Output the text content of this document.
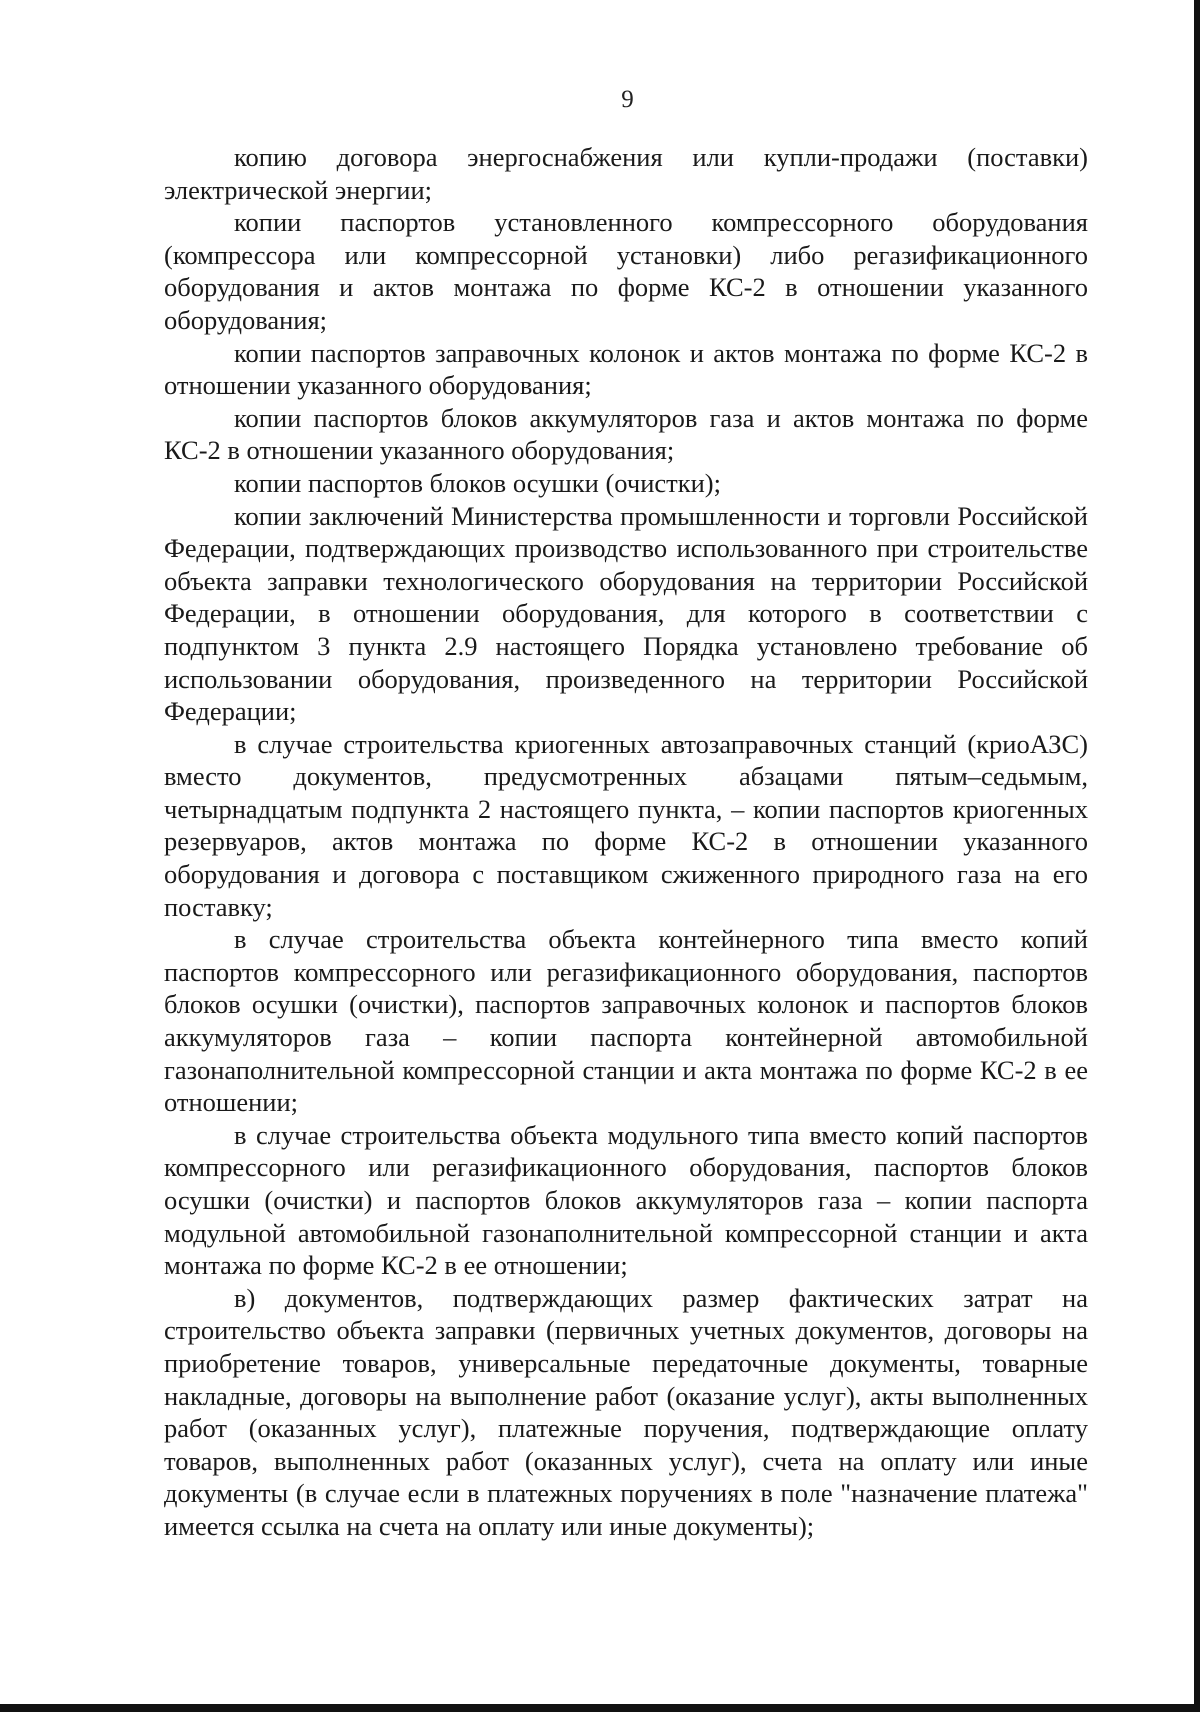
9

копию договора энергоснабжения или купли-продажи (поставки) электрической энергии;

копии паспортов установленного компрессорного оборудования (компрессора или компрессорной установки) либо регазификационного оборудования и актов монтажа по форме КС-2 в отношении указанного оборудования;

копии паспортов заправочных колонок и актов монтажа по форме КС-2 в отношении указанного оборудования;

копии паспортов блоков аккумуляторов газа и актов монтажа по форме КС-2 в отношении указанного оборудования;

копии паспортов блоков осушки (очистки);

копии заключений Министерства промышленности и торговли Российской Федерации, подтверждающих производство использованного при строительстве объекта заправки технологического оборудования на территории Российской Федерации, в отношении оборудования, для которого в соответствии с подпунктом 3 пункта 2.9 настоящего Порядка установлено требование об использовании оборудования, произведенного на территории Российской Федерации;

в случае строительства криогенных автозаправочных станций (криоАЗС) вместо документов, предусмотренных абзацами пятым–седьмым, четырнадцатым подпункта 2 настоящего пункта, – копии паспортов криогенных резервуаров, актов монтажа по форме КС-2 в отношении указанного оборудования и договора с поставщиком сжиженного природного газа на его поставку;

в случае строительства объекта контейнерного типа вместо копий паспортов компрессорного или регазификационного оборудования, паспортов блоков осушки (очистки), паспортов заправочных колонок и паспортов блоков аккумуляторов газа – копии паспорта контейнерной автомобильной газонаполнительной компрессорной станции и акта монтажа по форме КС-2 в ее отношении;

в случае строительства объекта модульного типа вместо копий паспортов компрессорного или регазификационного оборудования, паспортов блоков осушки (очистки) и паспортов блоков аккумуляторов газа – копии паспорта модульной автомобильной газонаполнительной компрессорной станции и акта монтажа по форме КС-2 в ее отношении;

в) документов, подтверждающих размер фактических затрат на строительство объекта заправки (первичных учетных документов, договоры на приобретение товаров, универсальные передаточные документы, товарные накладные, договоры на выполнение работ (оказание услуг), акты выполненных работ (оказанных услуг), платежные поручения, подтверждающие оплату товаров, выполненных работ (оказанных услуг), счета на оплату или иные документы (в случае если в платежных поручениях в поле "назначение платежа" имеется ссылка на счета на оплату или иные документы);
